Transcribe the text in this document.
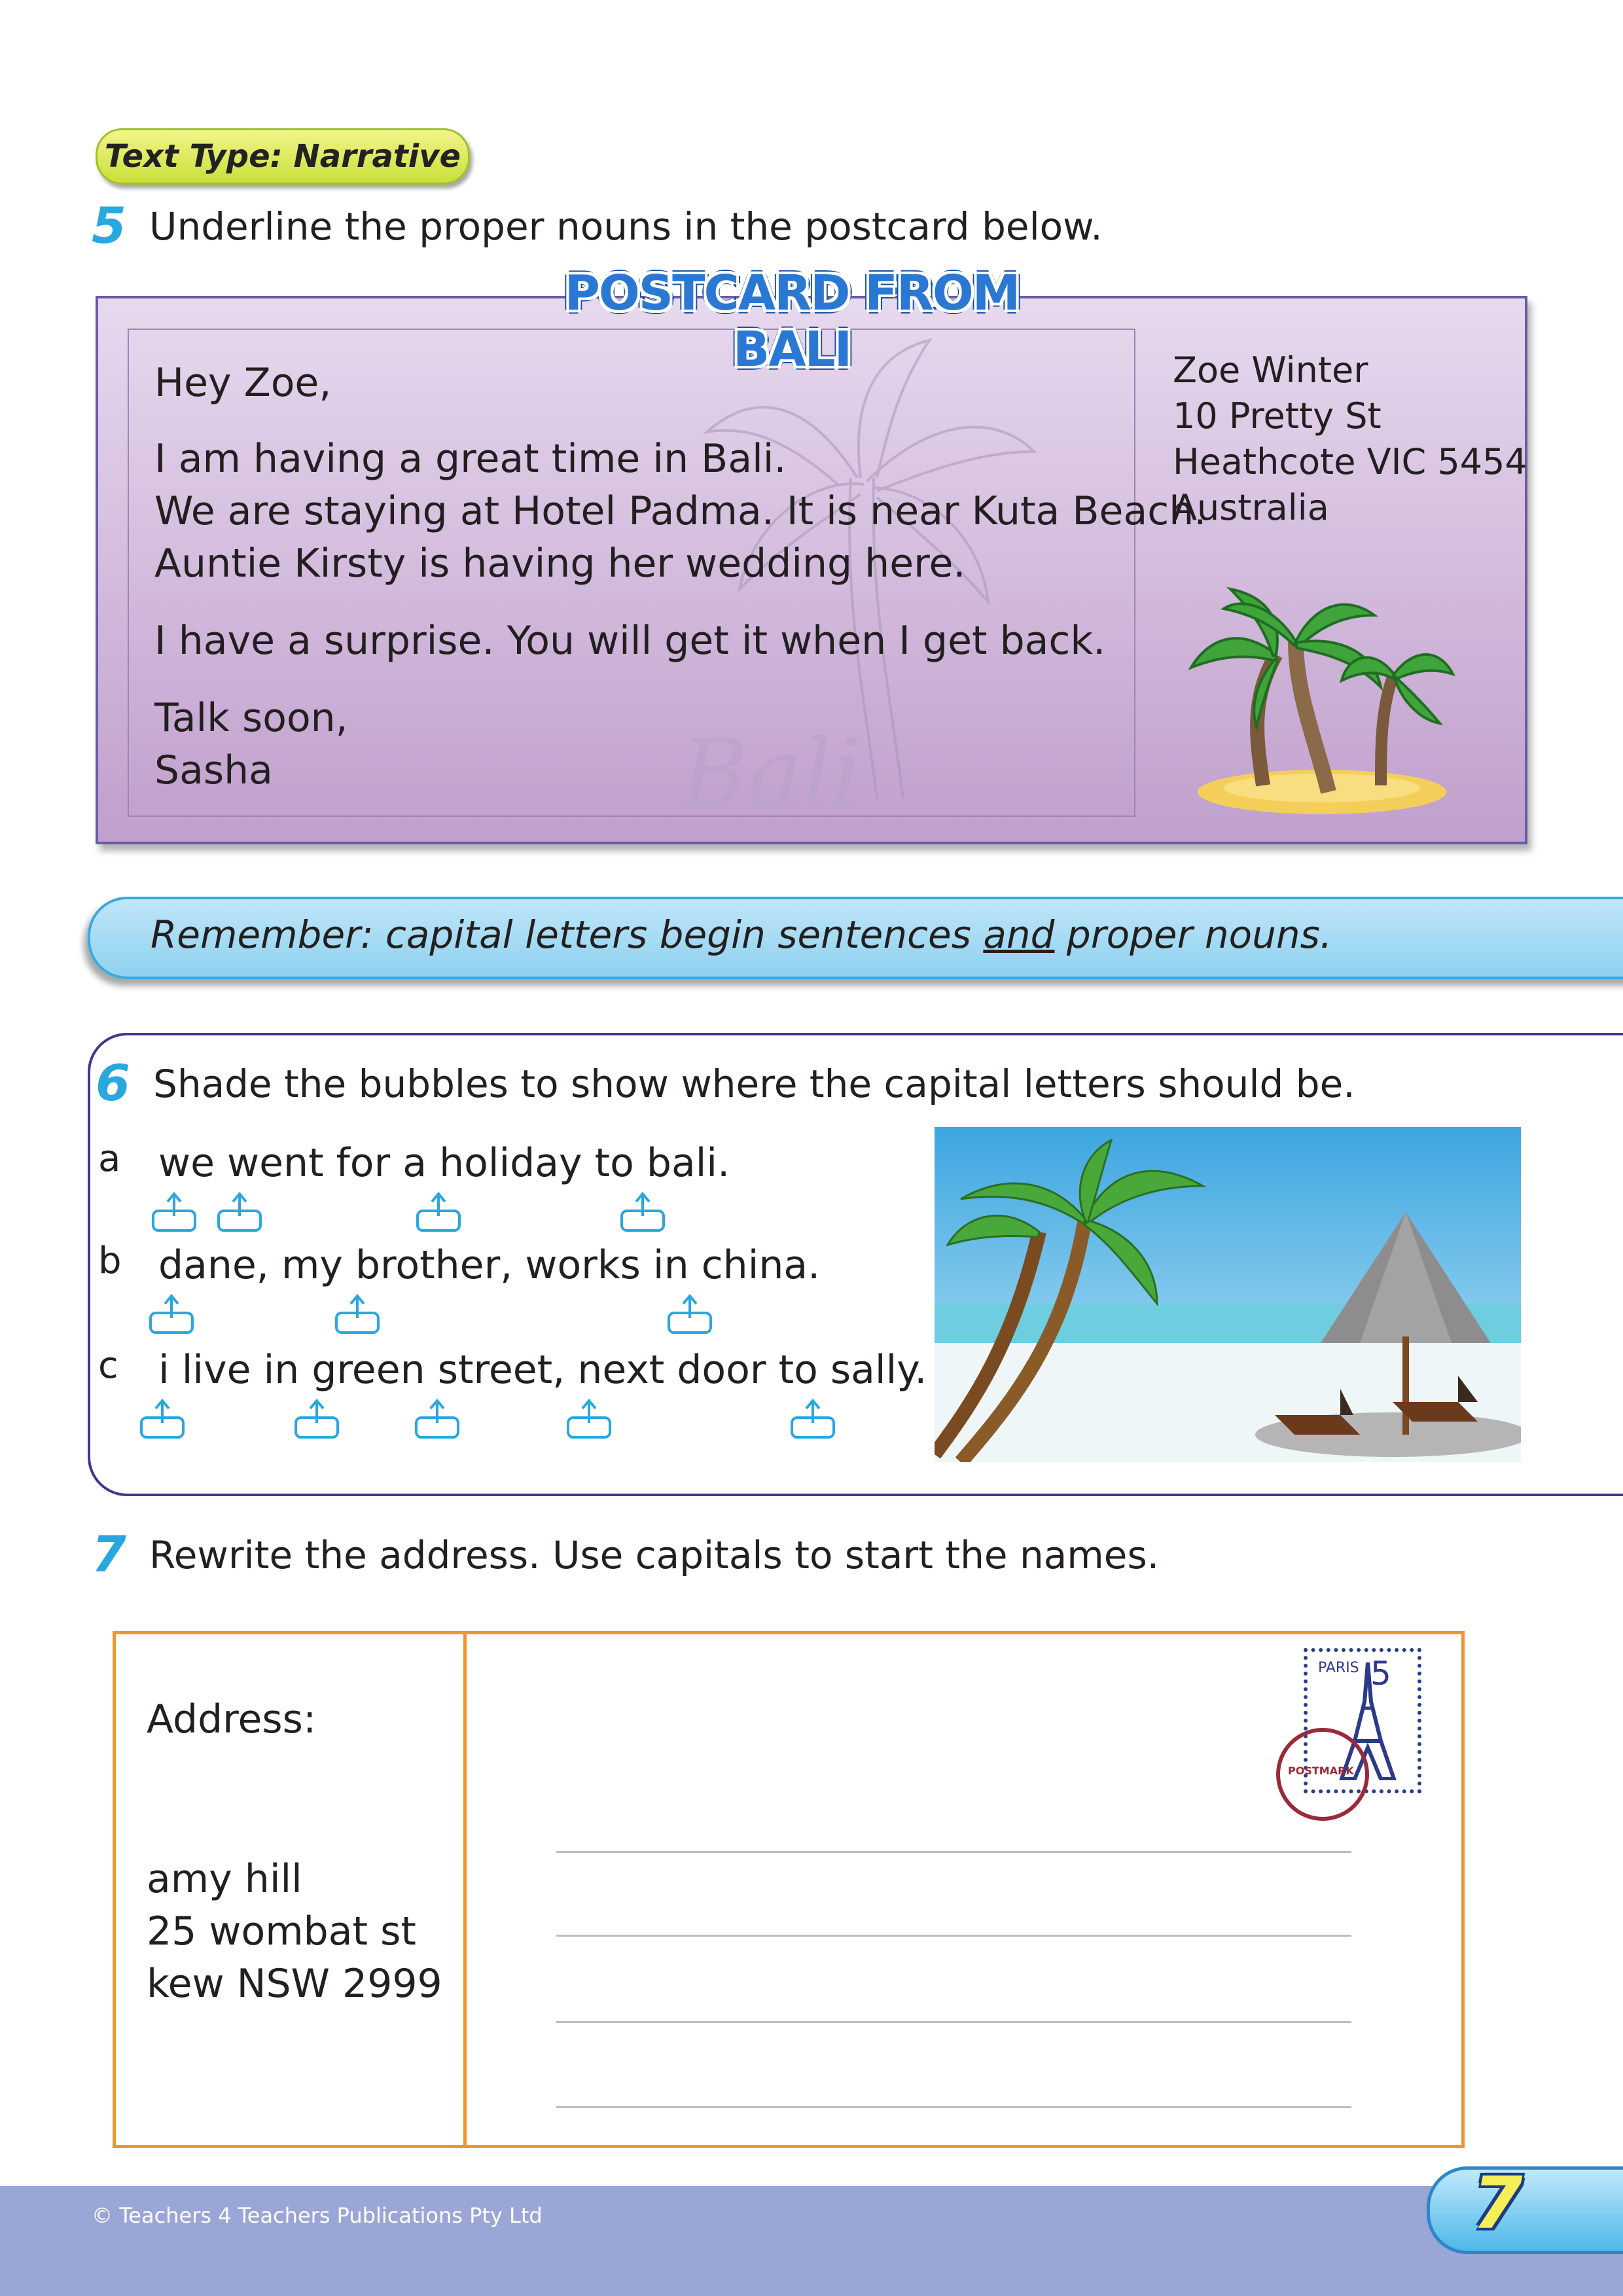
Text Type: Narrative
5 Underline the proper nouns in the postcard below.
Bali
POSTCARD FROM BALI
Hey Zoe,
I am having a great time in Bali.
We are staying at Hotel Padma. It is near Kuta Beach.
Auntie Kirsty is having her wedding here.
I have a surprise. You will get it when I get back.
Talk soon,
Sasha
Zoe Winter
10 Pretty St
Heathcote VIC 5454
Australia
Remember: capital letters begin sentences and proper nouns.
6 Shade the bubbles to show where the capital letters should be.
a we went for a holiday to bali.
b dane, my brother, works in china.
c i live in green street, next door to sally.
7 Rewrite the address. Use capitals to start the names.
Address:
amy hill
25 wombat st
kew NSW 2999
PARIS 5
POSTMARK
© Teachers 4 Teachers Publications Pty Ltd	7
